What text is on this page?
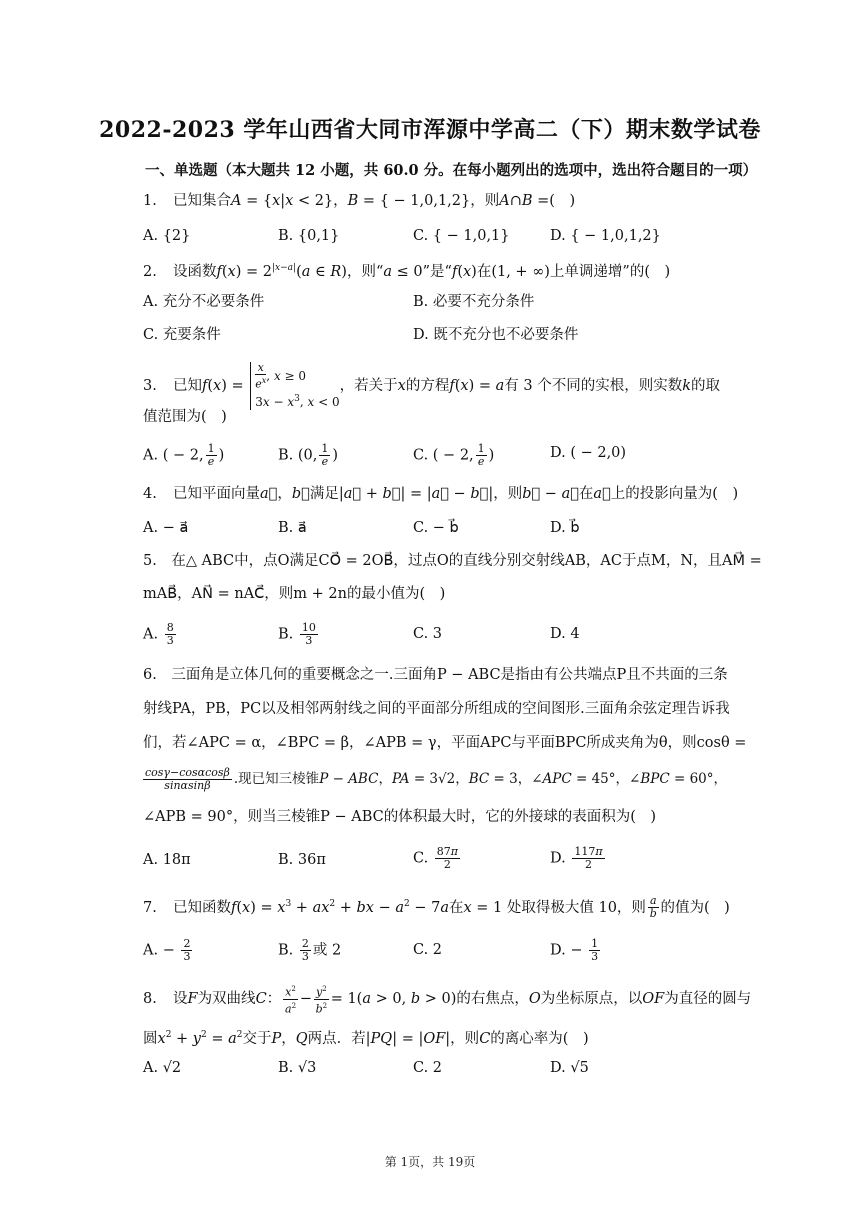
2022-2023 学年山西省大同市浑源中学高二（下）期末数学试卷
一、单选题（本大题共 12 小题，共 60.0 分。在每小题列出的选项中，选出符合题目的一项）
1. 已知集合A = {x|x < 2}，B = { − 1,0,1,2}，则A∩B =(　)
A. {2}	B. {0,1}	C. { − 1,0,1}	D. { − 1,0,1,2}
2. 设函数$f(x) = 2^{|x-a|}(a$ ∈ R)，则“a ≤ 0”是“f(x)在(1, + ∞)上单调递增”的(　)
A. 充分不必要条件	B. 必要不充分条件
C. 充要条件	D. 既不充分也不必要条件
3. 已知$f(x) = \frac{x}{e^x}$ , x ≥ 0
$3x - x^3$, x < 0，若关于x的方程f(x) = a有 3 个不同的实根，则实数k的取
值范围为(　)
A. ( − 2, $\frac{1}{e}$ )	B. (0, $\frac{1}{e}$ )	C. ( − 2, $\frac{1}{e}$ )	D. ( − 2,0)
4. 已知平面向量a⃗，b⃗满足|a⃗ + b⃗| = |a⃗ − b⃗|，则b⃗ − a⃗在a⃗上的投影向量为(　)
A. − a⃗	B. a⃗	C. − b⃗	D. b⃗
5.　在△ ABC中，点O满足CO⃗ = 2OB⃗，过点O的直线分别交射线AB，AC于点M，N，且AM⃗ =
mAB⃗，AN⃗ = nAC⃗，则m + 2n的最小值为(　)
A. $\frac{8}{3}$	B. $\frac{10}{3}$	C. 3	D. 4
6.　三面角是立体几何的重要概念之一.三面角P − ABC是指由有公共端点P且不共面的三条
射线PA，PB，PC以及相邻两射线之间的平面部分所组成的空间图形.三面角余弦定理告诉我
们，若∠APC = α，∠BPC = β，∠APB = γ，平面APC与平面BPC所成夹角为θ，则cosθ =
$\frac{\cos\gamma-\cos\alpha\cos\beta}{\sin\alpha\sin\beta}$ .现已知三棱锥P − ABC，PA = 3√2，BC = 3，∠APC = 45°，∠BPC = 60°，
∠APB = 90°，则当三棱锥P − ABC的体积最大时，它的外接球的表面积为(　)
A. 18π	B. 36π	C. $\frac{87\pi}{2}$	D. $\frac{117\pi}{2}$
7. 已知函数$f(x) = x^3 + ax^2$ + bx − $a^2 - 7a$在x = 1 处取得极大值 10，则 $\frac{a}{b}$ 的值为(　)
A. − $\frac{2}{3}$	B. $\frac{2}{3}$ 或 2	C. 2	D. − $\frac{1}{3}$
8. 设F为双曲线C： $\frac{x^2}{a^2} - \frac{y^2}{b^2} = 1(a > 0$, b > 0)的右焦点，O为坐标原点，以OF为直径的圆与
圆$x^2 + y^2 = a^2$交于P，Q两点．若|PQ| = |OF|，则C的离心率为(　)
A. √2	B. √3	C. 2	D. √5
第 1页，共 19页
